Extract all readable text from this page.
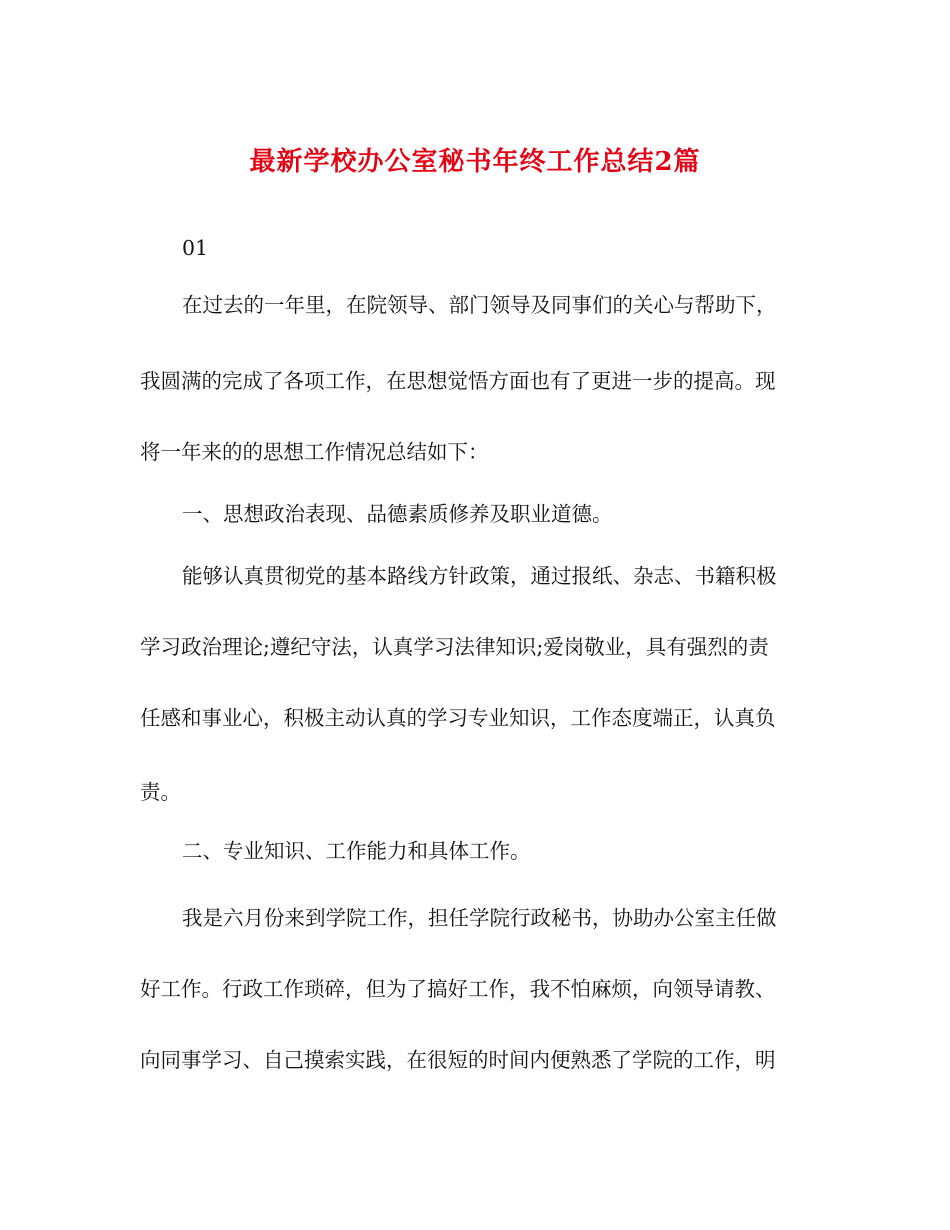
最新学校办公室秘书年终工作总结2篇
01
在过去的一年里，在院领导、部门领导及同事们的关心与帮助下，
我圆满的完成了各项工作，在思想觉悟方面也有了更进一步的提高。现
将一年来的的思想工作情况总结如下：
一、思想政治表现、品德素质修养及职业道德。
能够认真贯彻党的基本路线方针政策，通过报纸、杂志、书籍积极
学习政治理论;遵纪守法，认真学习法律知识;爱岗敬业，具有强烈的责
任感和事业心，积极主动认真的学习专业知识，工作态度端正，认真负
责。
二、专业知识、工作能力和具体工作。
我是六月份来到学院工作，担任学院行政秘书，协助办公室主任做
好工作。行政工作琐碎，但为了搞好工作，我不怕麻烦，向领导请教、
向同事学习、自己摸索实践，在很短的时间内便熟悉了学院的工作，明
